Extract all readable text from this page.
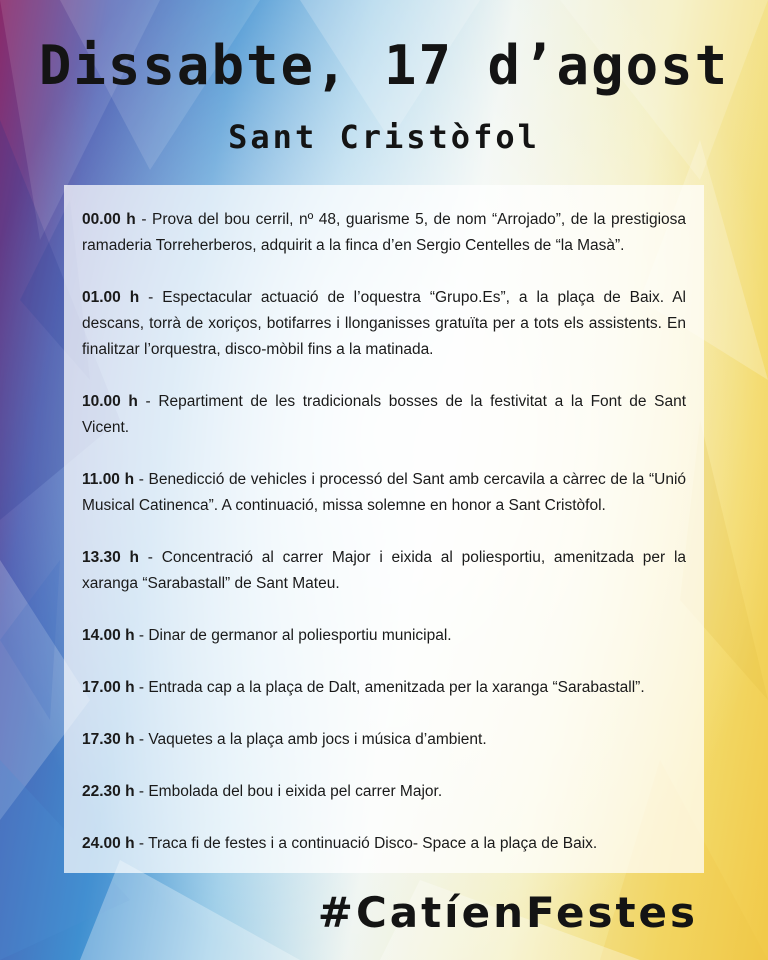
Dissabte, 17 d’agost
Sant Cristòfol

00.00 h - Prova del bou cerril, nº 48, guarisme 5, de nom “Arrojado”, de la prestigiosa ramaderia Torreherberos, adquirit a la finca d’en Sergio Centelles de “la Masà”.

01.00 h - Espectacular actuació de l’oquestra “Grupo.Es”, a la plaça de Baix. Al descans, torrà de xoriços, botifarres i llonganisses gratuïta per a tots els assistents. En finalitzar l’orquestra, disco-mòbil fins a la matinada.

10.00 h - Repartiment de les tradicionals bosses de la festivitat a la Font de Sant Vicent.

11.00 h - Benedicció de vehicles i processó del Sant amb cercavila a càrrec de la “Unió Musical Catinenca”. A continuació, missa solemne en honor a Sant Cristòfol.

13.30 h - Concentració al carrer Major i eixida al poliesportiu, amenitzada per la xaranga “Sarabastall” de Sant Mateu.

14.00 h - Dinar de germanor al poliesportiu municipal.

17.00 h - Entrada cap a la plaça de Dalt, amenitzada per la xaranga “Sarabastall”.

17.30 h - Vaquetes a la plaça amb jocs i música d’ambient.

22.30 h - Embolada del bou i eixida pel carrer Major.

24.00 h - Traca fi de festes i a continuació Disco- Space a la plaça de Baix.

#CatíenFestes
